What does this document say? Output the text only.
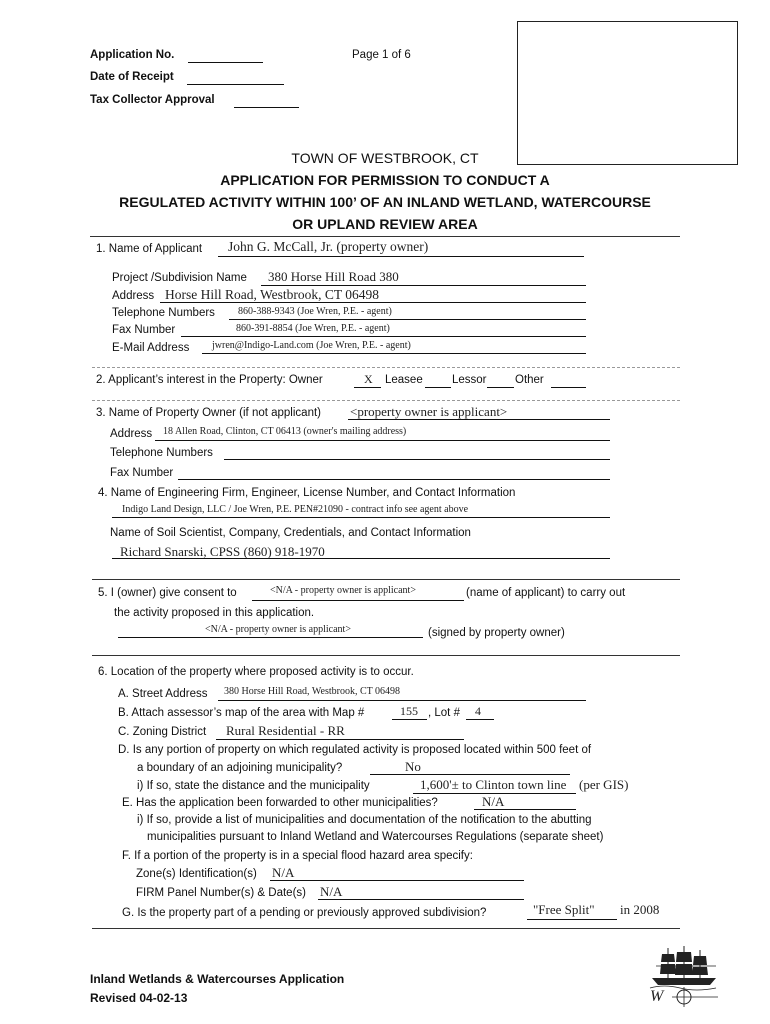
Application No.
Date of Receipt
Tax Collector Approval
Page 1 of 6
TOWN OF WESTBROOK, CT
APPLICATION FOR PERMISSION TO CONDUCT A
REGULATED ACTIVITY WITHIN 100’ OF AN INLAND WETLAND, WATERCOURSE
OR UPLAND REVIEW AREA
1. Name of Applicant John G. McCall, Jr. (property owner)
Project /Subdivision Name 380 Horse Hill Road 380
Address Horse Hill Road, Westbrook, CT 06498
Telephone Numbers 860-388-9343 (Joe Wren, P.E. - agent)
Fax Number	860-391-8854 (Joe Wren, P.E. - agent)
E-Mail Address jwren@Indigo-Land.com (Joe Wren, P.E. - agent)
2. Applicant’s interest in the Property: Owner	X Leasee	Lessor Other
3. Name of Property Owner (if not applicant) <property owner is applicant>
Address 18 Allen Road, Clinton, CT 06413 (owner's mailing address)
Telephone Numbers
Fax Number
4. Name of Engineering Firm, Engineer, License Number, and Contact Information
Indigo Land Design, LLC / Joe Wren, P.E. PEN#21090 - contract info see agent above
Name of Soil Scientist, Company, Credentials, and Contact Information
Richard Snarski, CPSS (860) 918-1970
5. I (owner) give consent to	<N/A - property owner is applicant>	(name of applicant) to carry out
the activity proposed in this application.
<N/A - property owner is applicant>	(signed by property owner)
6. Location of the property where proposed activity is to occur.
A. Street Address 380 Horse Hill Road, Westbrook, CT 06498
B. Attach assessor’s map of the area with Map #	155 , Lot # 4
C. Zoning District Rural Residential - RR
D. Is any portion of property on which regulated activity is proposed located within 500 feet of
a boundary of an adjoining municipality?	No
i) If so, state the distance and the municipality	1,600'± to Clinton town line (per GIS)
E. Has the application been forwarded to other municipalities?	N/A
i) If so, provide a list of municipalities and documentation of the notification to the abutting
municipalities pursuant to Inland Wetland and Watercourses Regulations (separate sheet)
F. If a portion of the property is in a special flood hazard area specify:
Zone(s) Identification(s) N/A
FIRM Panel Number(s) & Date(s) N/A
G. Is the property part of a pending or previously approved subdivision?	"Free Split" in 2008
Inland Wetlands & Watercourses Application
Revised 04-02-13	W
